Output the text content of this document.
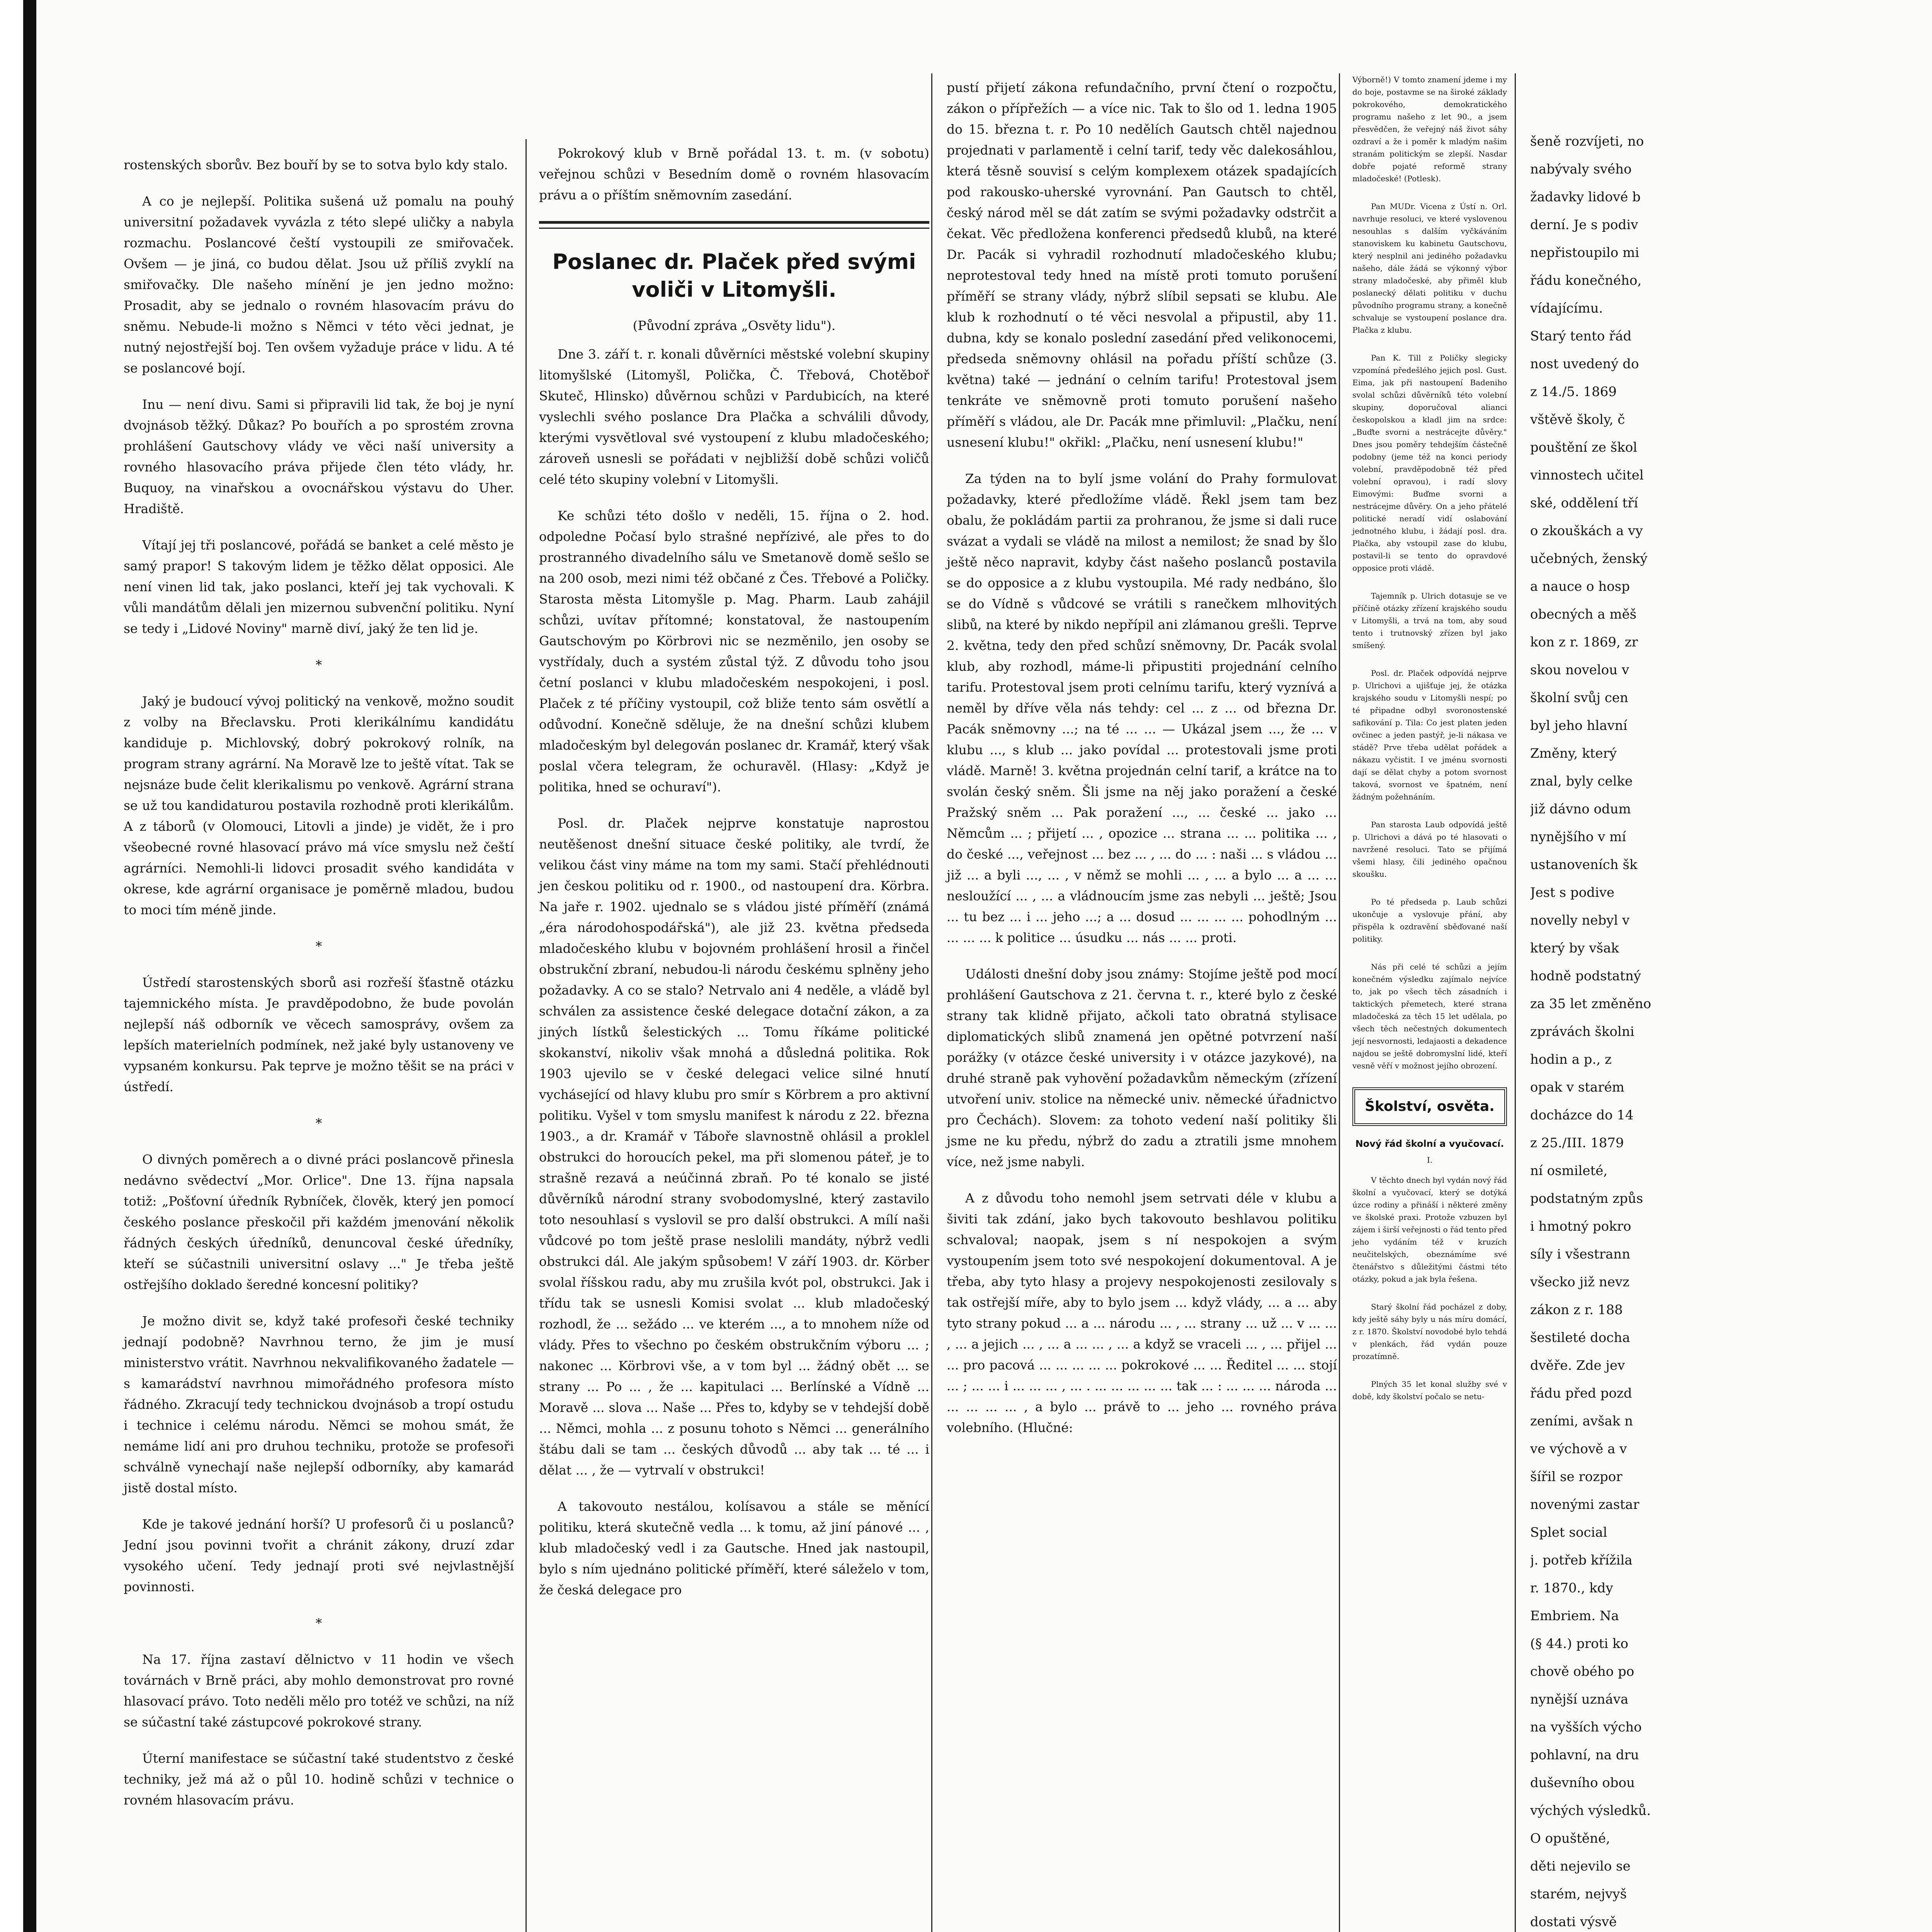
rostenských sborův. Bez bouří by se to sotva bylo kdy stalo.

A co je nejlepší. Politika sušená už pomalu na pouhý universitní požadavek vyvázla z této slepé uličky a nabyla rozmachu. Poslancové čeští vystoupili ze smiřovaček. Ovšem — je jiná, co budou dělat. Jsou už příliš zvyklí na smiřovačky. Dle našeho mínění je jen jedno možno: Prosadit, aby se jednalo o rovném hlasovacím právu do sněmu. Nebude-li možno s Němci v této věci jednat, je nutný nejostřejší boj. Ten ovšem vyžaduje práce v lidu. A té se poslancové bojí.

Inu — není divu. Sami si připravili lid tak, že boj je nyní dvojnásob těžký. Důkaz? Po bouřích a po sprostém zrovna prohlášení Gautschovy vlády ve věci naší university a rovného hlasovacího práva přijede člen této vlády, hr. Buquoy, na vinařskou a ovocnářskou výstavu do Uher. Hradiště.

Vítají jej tři poslancové, pořádá se banket a celé město je samý prapor! S takovým lidem je těžko dělat opposici. Ale není vinen lid tak, jako poslanci, kteří jej tak vychovali. K vůli mandátům dělali jen mizernou subvenční politiku. Nyní se tedy i „Lidové Noviny" marně diví, jaký že ten lid je.

*

Jaký je budoucí vývoj politický na venkově, možno soudit z volby na Břeclavsku. Proti klerikálnímu kandidátu kandiduje p. Michlovský, dobrý pokrokový rolník, na program strany agrární. Na Moravě lze to ještě vítat. Tak se nejsnáze bude čelit klerikalismu po venkově. Agrární strana se už tou kandidaturou postavila rozhodně proti klerikálům. A z táborů (v Olomouci, Litovli a jinde) je vidět, že i pro všeobecné rovné hlasovací právo má více smyslu než čeští agrárníci. Nemohli-li lidovci prosadit svého kandidáta v okrese, kde agrární organisace je poměrně mladou, budou to moci tím méně jinde.

*

Ústředí starostenských sborů asi rozřeší šťastně otázku tajemnického místa. Je pravděpodobno, že bude povolán nejlepší náš odborník ve věcech samosprávy, ovšem za lepších materielních podmínek, než jaké byly ustanoveny ve vypsaném konkursu. Pak teprve je možno těšit se na práci v ústředí.

*

O divných poměrech a o divné práci poslancově přinesla nedávno svědectví „Mor. Orlice". Dne 13. října napsala totiž: „Pošťovní úředník Rybníček, člověk, který jen pomocí českého poslance přeskočil při každém jmenování několik řádných českých úředníků, denuncoval české úředníky, kteří se súčastnili universitní oslavy ..." Je třeba ještě ostřejšího doklado šeredné koncesní politiky?

Je možno divit se, když také profesoři české techniky jednají podobně? Navrhnou terno, že jim je musí ministerstvo vrátit. Navrhnou nekvalifikovaného žadatele — s kamarádství navrhnou mimořádného profesora místo řádného. Zkracují tedy technickou dvojnásob a tropí ostudu i technice i celému národu. Němci se mohou smát, že nemáme lidí ani pro druhou techniku, protože se profesoři schválně vynechají naše nejlepší odborníky, aby kamarád jistě dostal místo.

Kde je takové jednání horší? U profesorů či u poslanců? Jední jsou povinni tvořit a chránit zákony, druzí zdar vysokého učení. Tedy jednají proti své nejvlastnější povinnosti.

*

Na 17. října zastaví dělnictvo v 11 hodin ve všech továrnách v Brně práci, aby mohlo demonstrovat pro rovné hlasovací právo. Toto neděli mělo pro totéž ve schůzi, na níž se súčastní také zástupcové pokrokové strany.

Úterní manifestace se súčastní také studentstvo z české techniky, jež má až o půl 10. hodině schůzi v technice o rovném hlasovacím právu.

Pokrokový klub v Brně pořádal 13. t. m. (v sobotu) veřejnou schůzi v Besedním domě o rovném hlasovacím právu a o příštím sněmovním zasedání.

Poslanec dr. Plaček před svými voliči v Litomyšli.

(Původní zpráva „Osvěty lidu").

Dne 3. září t. r. konali důvěrníci městské volební skupiny litomyšlské (Litomyšl, Polička, Č. Třebová, Chotěboř Skuteč, Hlinsko) důvěrnou schůzi v Pardubicích, na které vyslechli svého poslance Dra Plačka a schválili důvody, kterými vysvětloval své vystoupení z klubu mladočeského; zároveň usnesli se pořádati v nejbližší době schůzi voličů celé této skupiny volební v Litomyšli.

Ke schůzi této došlo v neděli, 15. října o 2. hod. odpoledne Počasí bylo strašné nepřízivé, ale přes to do prostranného divadelního sálu ve Smetanově domě sešlo se na 200 osob, mezi nimi též občané z Čes. Třebové a Poličky. Starosta města Litomyšle p. Mag. Pharm. Laub zahájil schůzi, uvítav přítomné; konstatoval, že nastoupením Gautschovým po Körbrovi nic se nezměnilo, jen osoby se vystřídaly, duch a systém zůstal týž. Z důvodu toho jsou četní poslanci v klubu mladočeském nespokojeni, i posl. Plaček z té příčiny vystoupil, což bliže tento sám osvětlí a odůvodní. Konečně sděluje, že na dnešní schůzi klubem mladočeským byl delegován poslanec dr. Kramář, který však poslal včera telegram, že ochuravěl. (Hlasy: „Když je politika, hned se ochuraví").

Posl. dr. Plaček nejprve konstatuje naprostou neutěšenost dnešní situace české politiky, ale tvrdí, že velikou část viny máme na tom my sami. Stačí přehlédnouti jen českou politiku od r. 1900., od nastoupení dra. Körbra. Na jaře r. 1902. ujednalo se s vládou jisté příměří (známá „éra národohospodářská"), ale již 23. května předseda mladočeského klubu v bojovném prohlášení hrosil a řinčel obstrukční zbraní, nebudou-li národu českému splněny jeho požadavky. A co se stalo? Netrvalo ani 4 neděle, a vládě byl schválen za assistence české delegace dotační zákon, a za jiných lístků šelestických ... Tomu říkáme politické skokanství, nikoliv však mnohá a důsledná politika. Rok 1903 ujevilo se v české delegaci velice silné hnutí vychásející od hlavy klubu pro smír s Körbrem a pro aktivní politiku. Vyšel v tom smyslu manifest k národu z 22. března 1903., a dr. Kramář v Táboře slavnostně ohlásil a proklel obstrukci do horoucích pekel, ma při slomenou páteř, je to strašně rezavá a neúčinná zbraň. Po té konalo se jisté důvěrníků národní strany svobodomyslné, který zastavilo toto nesouhlasí s vyslovil se pro další obstrukci. A mílí naši vůdcové po tom ještě prase neslolili mandáty, nýbrž vedli obstrukci dál. Ale jakým spůsobem! V září 1903. dr. Körber svolal říšskou radu, aby mu zrušila kvót pol, obstrukci. Jak i třídu tak se usnesli Komisi svolat ... klub mladočeský rozhodl, že ... sežádo ... ve kterém ..., a to mnohem níže od vlády. Přes to všechno po českém obstrukčním výboru ... ; nakonec ... Körbrovi vše, a v tom byl ... žádný obět ... se strany ... Po ... , že ... kapitulaci ... Berlínské a Vídně ... Moravě ... slova ... Naše ... Přes to, kdyby se v tehdejší době ... Němci, mohla ... z posunu tohoto s Němci ... generálního štábu dali se tam ... českých důvodů ... aby tak ... té ... i dělat ... , že — vytrvalí v obstrukci!

A takovouto nestálou, kolísavou a stále se měnící politiku, která skutečně vedla ... k tomu, až jiní pánové ... , klub mladočeský vedl i za Gautsche. Hned jak nastoupil, bylo s ním ujednáno politické příměří, které sáleželo v tom, že česká delegace pro

pustí přijetí zákona refundačního, první čtení o rozpočtu, zákon o přípřežích — a více nic. Tak to šlo od 1. ledna 1905 do 15. března t. r. Po 10 nedělích Gautsch chtěl najednou projednati v parlamentě i celní tarif, tedy věc dalekosáhlou, která těsně souvisí s celým komplexem otázek spadajících pod rakousko-uherské vyrovnání. Pan Gautsch to chtěl, český národ měl se dát zatím se svými požadavky odstrčit a čekat. Věc předložena konferenci předsedů klubů, na které Dr. Pacák si vyhradil rozhodnutí mladočeského klubu; neprotestoval tedy hned na místě proti tomuto porušení příměří se strany vlády, nýbrž slíbil sepsati se klubu. Ale klub k rozhodnutí o té věci nesvolal a připustil, aby 11. dubna, kdy se konalo poslední zasedání před velikonocemi, předseda sněmovny ohlásil na pořadu příští schůze (3. května) také — jednání o celním tarifu! Protestoval jsem tenkráte ve sněmovně proti tomuto porušení našeho příměří s vládou, ale Dr. Pacák mne přimluvil: „Plačku, není usnesení klubu!" okřikl: „Plačku, není usnesení klubu!"

Za týden na to bylí jsme volání do Prahy formulovat požadavky, které předložíme vládě. Řekl jsem tam bez obalu, že pokládám partii za prohranou, že jsme si dali ruce svázat a vydali se vládě na milost a nemilost; že snad by šlo ještě něco napravit, kdyby část našeho poslanců postavila se do opposice a z klubu vystoupila. Mé rady nedbáno, šlo se do Vídně s vůdcové se vrátili s ranečkem mlhovitých slibů, na které by nikdo nepřípil ani zlámanou grešli. Teprve 2. května, tedy den před schůzí sněmovny, Dr. Pacák svolal klub, aby rozhodl, máme-li připustiti projednání celního tarifu. Protestoval jsem proti celnímu tarifu, který vyznívá a neměl by dříve věla nás tehdy: cel ... z ... od března Dr. Pacák sněmovny ...; na té ... ... — Ukázal jsem ..., že ... v klubu ..., s klub ... jako povídal ... protestovali jsme proti vládě. Marně! 3. května projednán celní tarif, a krátce na to svolán český sněm. Šli jsme na něj jako poražení a české Pražský sněm ... Pak poražení ..., ... české ... jako ... Němcům ... ; přijetí ... , opozice ... strana ... ... politika ... , do české ..., veřejnost ... bez ... , ... do ... : naši ... s vládou ... již ... a byli ..., ... , v němž se mohli ... , ... a bylo ... a ... ... nesloužící ... , ... a vládnoucím jsme zas nebyli ... ještě; Jsou ... tu bez ... i ... jeho ...; a ... dosud ... ... ... ... pohodlným ... ... ... ... k politice ... úsudku ... nás ... ... proti.

Události dnešní doby jsou známy: Stojíme ještě pod mocí prohlášení Gautschova z 21. června t. r., které bylo z české strany tak klidně přijato, ačkoli tato obratná stylisace diplomatických slibů znamená jen opětné potvrzení naší porážky (v otázce české university i v otázce jazykové), na druhé straně pak vyhovění požadavkům německým (zřízení utvoření univ. stolice na německé univ. německé úřadnictvo pro Čechách). Slovem: za tohoto vedení naší politiky šli jsme ne ku předu, nýbrž do zadu a ztratili jsme mnohem více, než jsme nabyli.

A z důvodu toho nemohl jsem setrvati déle v klubu a šiviti tak zdání, jako bych takovouto beshlavou politiku schvaloval; naopak, jsem s ní nespokojen a svým vystoupením jsem toto své nespokojení dokumentoval. A je třeba, aby tyto hlasy a projevy nespokojenosti zesilovaly s tak ostřejší míře, aby to bylo jsem ... když vlády, ... a ... aby tyto strany pokud ... a ... národu ... , ... strany ... už ... v ... ... , ... a jejich ... , ... a ... ... , ... a když se vraceli ... , ... přijel ... ... pro pacová ... ... ... ... ... pokrokové ... ... Ředitel ... ... stojí ... ; ... ... i ... ... ... , ... . ... ... ... ... ... tak ... : ... ... ... národa ... ... ... ... ... , a bylo ... právě to ... jeho ... rovného práva volebního. (Hlučné:

Výborně!) V tomto znamení jdeme i my do boje, postavme se na široké základy pokrokového, demokratického programu našeho z let 90., a jsem přesvědčen, že veřejný náš život sáhy ozdraví a že i poměr k mladým našim stranám politickým se zlepší. Nasdar dobře pojaté reformě strany mladočeské! (Potlesk).

Pan MUDr. Vicena z Ústí n. Orl. navrhuje resoluci, ve které vyslovenou nesouhlas s dalším vyčkáváním stanoviskem ku kabinetu Gautschovu, který nesplnil ani jediného požadavku našeho, dále žádá se výkonný výbor strany mladočeské, aby přiměl klub poslanecký dělati politiku v duchu původního programu strany, a konečně schvaluje se vystoupení poslance dra. Plačka z klubu.

Pan K. Till z Poličky slegicky vzpomíná předešlého jejich posl. Gust. Eima, jak při nastoupení Badeniho svolal schůzi důvěrníků této volební skupiny, doporučoval alianci českopolskou a kladl jim na srdce: „Buďte svorni a nestrácejte důvěry." Dnes jsou poměry tehdejším částečně podobny (jeme též na konci periody volební, pravděpodobně též před volební opravou), i radí slovy Eimovými: Buďme svorni a nestrácejme důvěry. On a jeho přátelé politické neradí vidí oslabování jednotného klubu, i žádají posl. dra. Plačka, aby vstoupil zase do klubu, postavil-li se tento do opravdové opposice proti vládě.

Tajemník p. Ulrich dotasuje se ve příčině otázky zřízení krajského soudu v Litomyšli, a trvá na tom, aby soud tento i trutnovský zřízen byl jako smíšený.

Posl. dr. Plaček odpovídá nejprve p. Ulrichovi a ujišťuje jej, že otázka krajského soudu v Litomyšli nespí; po té připadne odbyl svoronostenské safikování p. Tila: Co jest platen jeden ovčinec a jeden pastýř, je-li nákasa ve stádě? Prve třeba udělat pořádek a nákazu vyčistit. I ve jménu svornosti dají se dělat chyby a potom svornost taková, svornost ve špatném, není žádným požehnáním.

Pan starosta Laub odpovídá ještě p. Ulrichovi a dává po té hlasovati o navržené resoluci. Tato se přijímá všemi hlasy, čili jediného opačnou skoušku.

Po té předseda p. Laub schůzi ukončuje a vyslovuje přání, aby přispěla k ozdravění sběďované naší politiky.

Nás při celé té schůzi a jejím konečném výsledku zajímalo nejvíce to, jak po všech těch zásadních i taktických přemetech, které strana mladočeská za těch 15 let udělala, po všech těch nečestných dokumentech její nesvornosti, ledajaosti a dekadence najdou se ještě dobromyslní lidé, kteří vesně věří v možnost jejího obrození.

Školství, osvěta.
Nový řád školní a vyučovací.

I.

V těchto dnech byl vydán nový řád školní a vyučovací, který se dotýká úzce rodiny a přináší i některé změny ve školské praxi. Protože vzbuzen byl zájem i širší veřejnosti o řád tento před jeho vydáním též v kruzích neučitelských, obeznámíme své čtenářstvo s důležitými částmi této otázky, pokud a jak byla řešena.

Starý školní řád pocházel z doby, kdy ještě sáhy byly u nás míru domácí, z r. 1870. Školství novodobé bylo tehdá v plenkách, řád vydán pouze prozatímně.

Plných 35 let konal služby své v době, kdy školství počalo se netu-

šeně rozvíjeti, no
nabývaly svého
žadavky lidové b
derní. Je s podiv
nepřistoupilo mi
řádu konečného,
vídajícímu.
Starý tento řád
nost uvedený do
z 14./5. 1869
vštěvě školy, č
pouštění ze škol
vinnostech učitel
ské, oddělení tří
o zkouškách a vy
učebných, ženský
a nauce o hosp
obecných a měš
kon z r. 1869, zr
skou novelou v
školní svůj cen
byl jeho hlavní
Změny, který
znal, byly celke
již dávno odum
nynějšího v mí
ustanoveních šk
Jest s podive
novelly nebyl v
který by však
hodně podstatný
za 35 let změněno
zprávách školni
hodin a p., z
opak v starém
docházce do 14
z 25./III. 1879
ní osmileté,
podstatným způs
i hmotný pokro
síly i všestrann
všecko již nevz
zákon z r. 188
šestileté docha
dvěře. Zde jev
řádu před pozd
zeními, avšak n
ve výchově a v
šířil se rozpor
novenými zastar
Splet social
j. potřeb křížila
r. 1870., kdy
Embriem. Na
(§ 44.) proti ko
chově obého po
nynější uznáva
na vyšších výcho
pohlavní, na dru
duševního obou
výchých výsledků.
O opuštěné,
děti nejevilo se
starém, nejvyš
dostati výsvě
